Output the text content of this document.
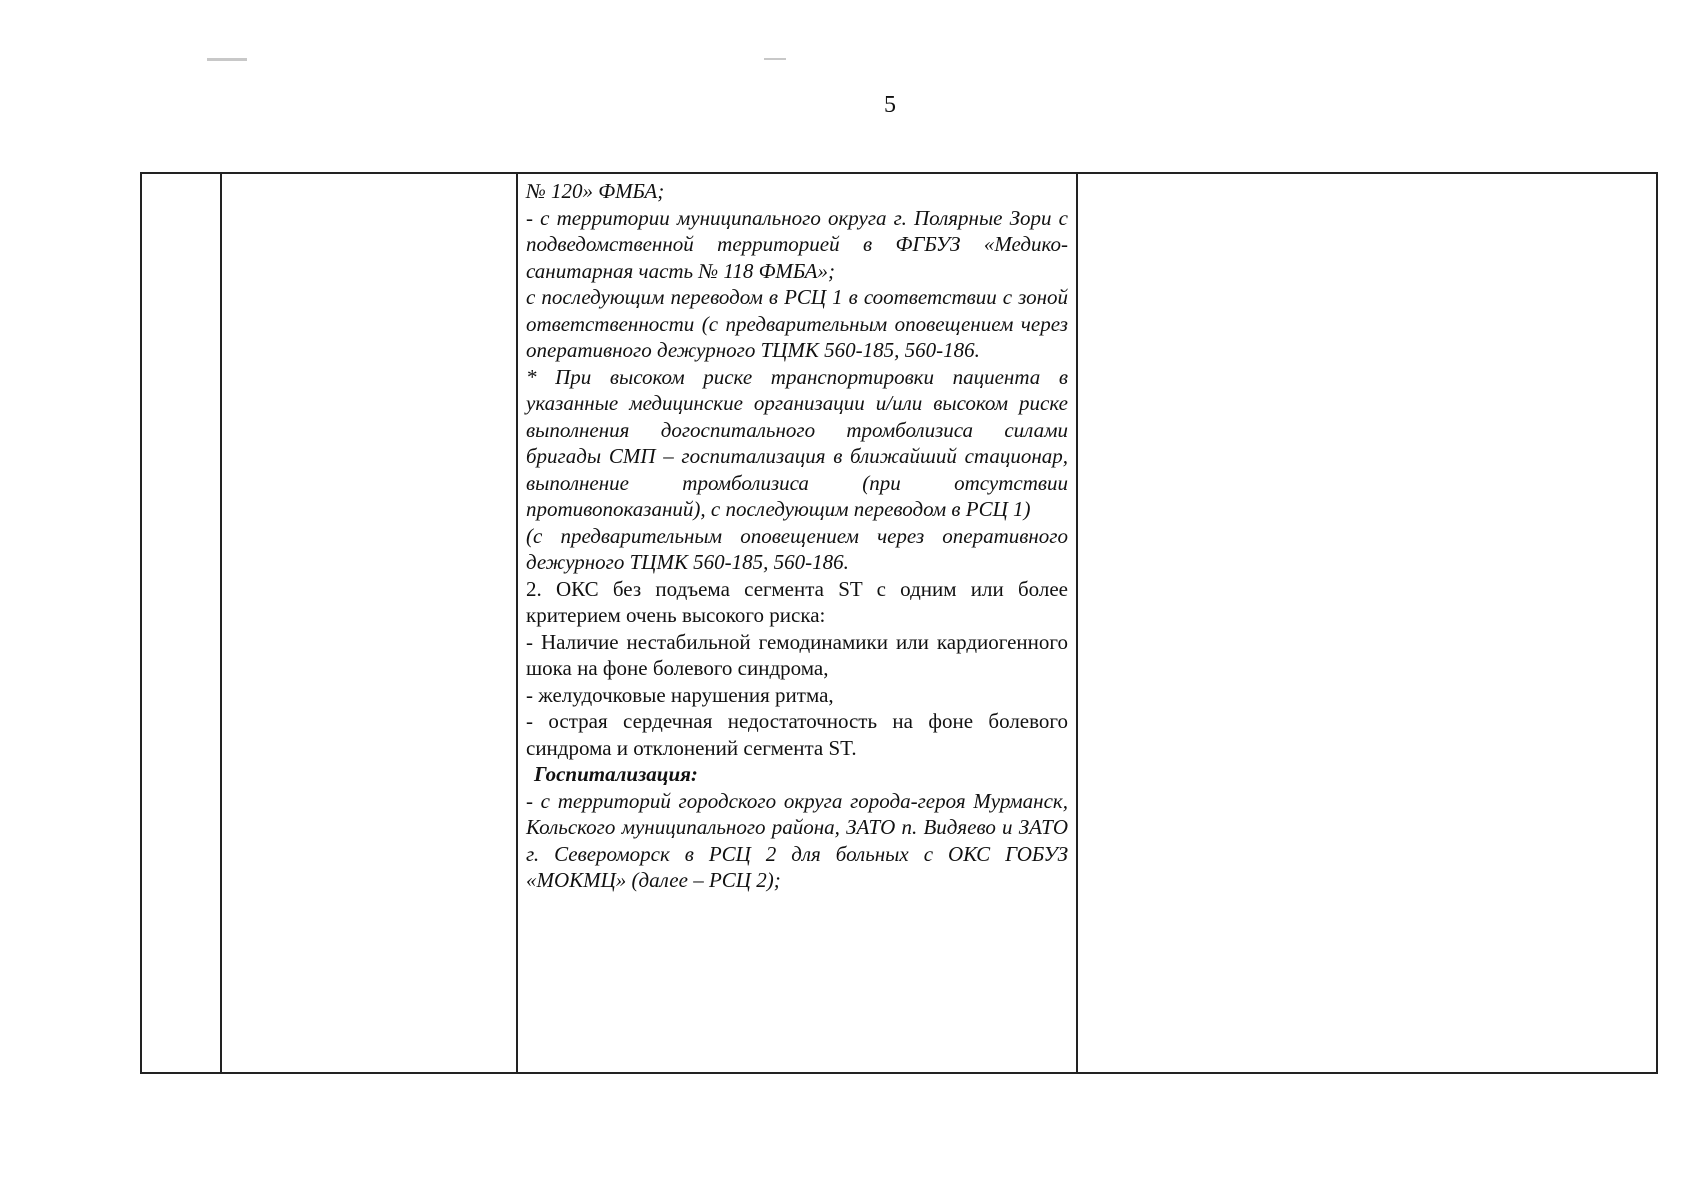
5

№ 120» ФМБА;

- с территории муниципального округа г. Полярные Зори с подведомственной территорией в ФГБУЗ «Медико-санитарная часть № 118 ФМБА»;

с последующим переводом в РСЦ 1 в соответствии с зоной ответственности (с предварительным оповещением через оперативного дежурного ТЦМК 560-185, 560-186.

* При высоком риске транспортировки пациента в указанные медицинские организации и/или высоком риске выполнения догоспитального тромболизиса силами бригады СМП – госпитализация в ближайший стационар, выполнение тромболизиса (при отсутствии противопоказаний), с последующим переводом в РСЦ 1)

(с предварительным оповещением через оперативного дежурного ТЦМК 560-185, 560-186.

2. ОКС без подъема сегмента ST с одним или более критерием очень высокого риска:

- Наличие нестабильной гемодинамики или кардиогенного шока на фоне болевого синдрома,

- желудочковые нарушения ритма,

- острая сердечная недостаточность на фоне болевого синдрома и отклонений сегмента ST.

Госпитализация:

- с территорий городского округа города-героя Мурманск, Кольского муниципального района, ЗАТО п. Видяево и ЗАТО г. Североморск в РСЦ 2 для больных с ОКС ГОБУЗ «МОКМЦ» (далее – РСЦ 2);
